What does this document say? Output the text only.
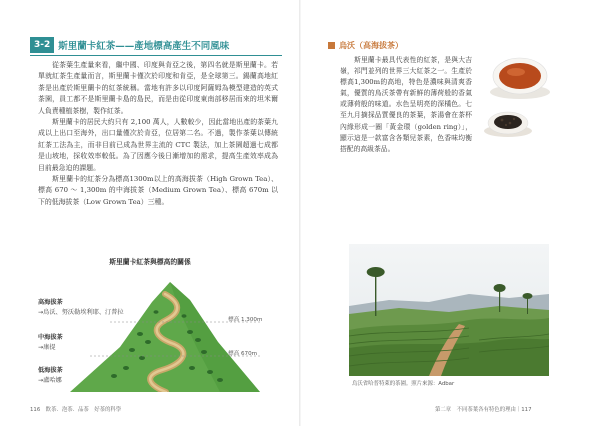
3-2 斯里蘭卡紅茶——產地標高產生不同風味

從茶葉生產量來看，繼中國、印度與肯亞之後，第四名就是斯里蘭卡。若單就紅茶生產量而言，斯里蘭卡僅次於印度和肯亞，是全球第三。錫蘭高地紅茶是出產於斯里蘭卡的紅茶統稱。當地有許多以印度阿薩姆為模型建造的英式茶園，員工都不是斯里蘭卡島的島民，而是由從印度東南部移居而來的坦米爾人負責種植茶樹，製作紅茶。

斯里蘭卡的居民大約只有 2,100 萬人，人數較少，因此當地出產的茶葉九成以上出口至海外，出口量僅次於肯亞，位居第二名。不過，製作茶葉以傳統紅茶工法為主，而非目前已成為世界主流的 CTC 製法，加上茶園超過七成都是山坡地，採收效率較低。為了因應今後日漸增加的需求，提高生產效率成為目前最急迫的課題。

斯里蘭卡的紅茶分為標高1300m以上的高海拔茶（High Grown Tea）、標高 670 ～ 1,300m 的中海拔茶（Medium Grown Tea）、標高 670m 以下的低海拔茶（Low Grown Tea）三種。

斯里蘭卡紅茶與標高的關係
標高 1,300m
標高 670m
高海拔茶
→烏沃、努沃勒埃利耶、汀普拉
中海拔茶
→康提
低海拔茶
→盧哈娜
116　飲茶．泡茶．品茶　好茶的科學
烏沃（高海拔茶）

斯里蘭卡最具代表性的紅茶，是與大吉嶺，祁門並列的世界三大紅茶之一。生產於標高1,300m的高地，特色是濃味與清爽香氣，優質的烏沃茶帶有新鮮的薄荷般的香氣或薄荷般的味道。水色呈明亮的深橘色。七至九月摘採品質優良的茶葉，茶湯會在茶杯內緣形成一圈「黃金環（golden ring）」，顯示這是一款富含各類兒茶素，色香味均衡搭配的高級茶品。

烏沃省哈普特萊的茶園。照片來源：Adbar
第二章　不同茶葉各有特色的理由｜117
